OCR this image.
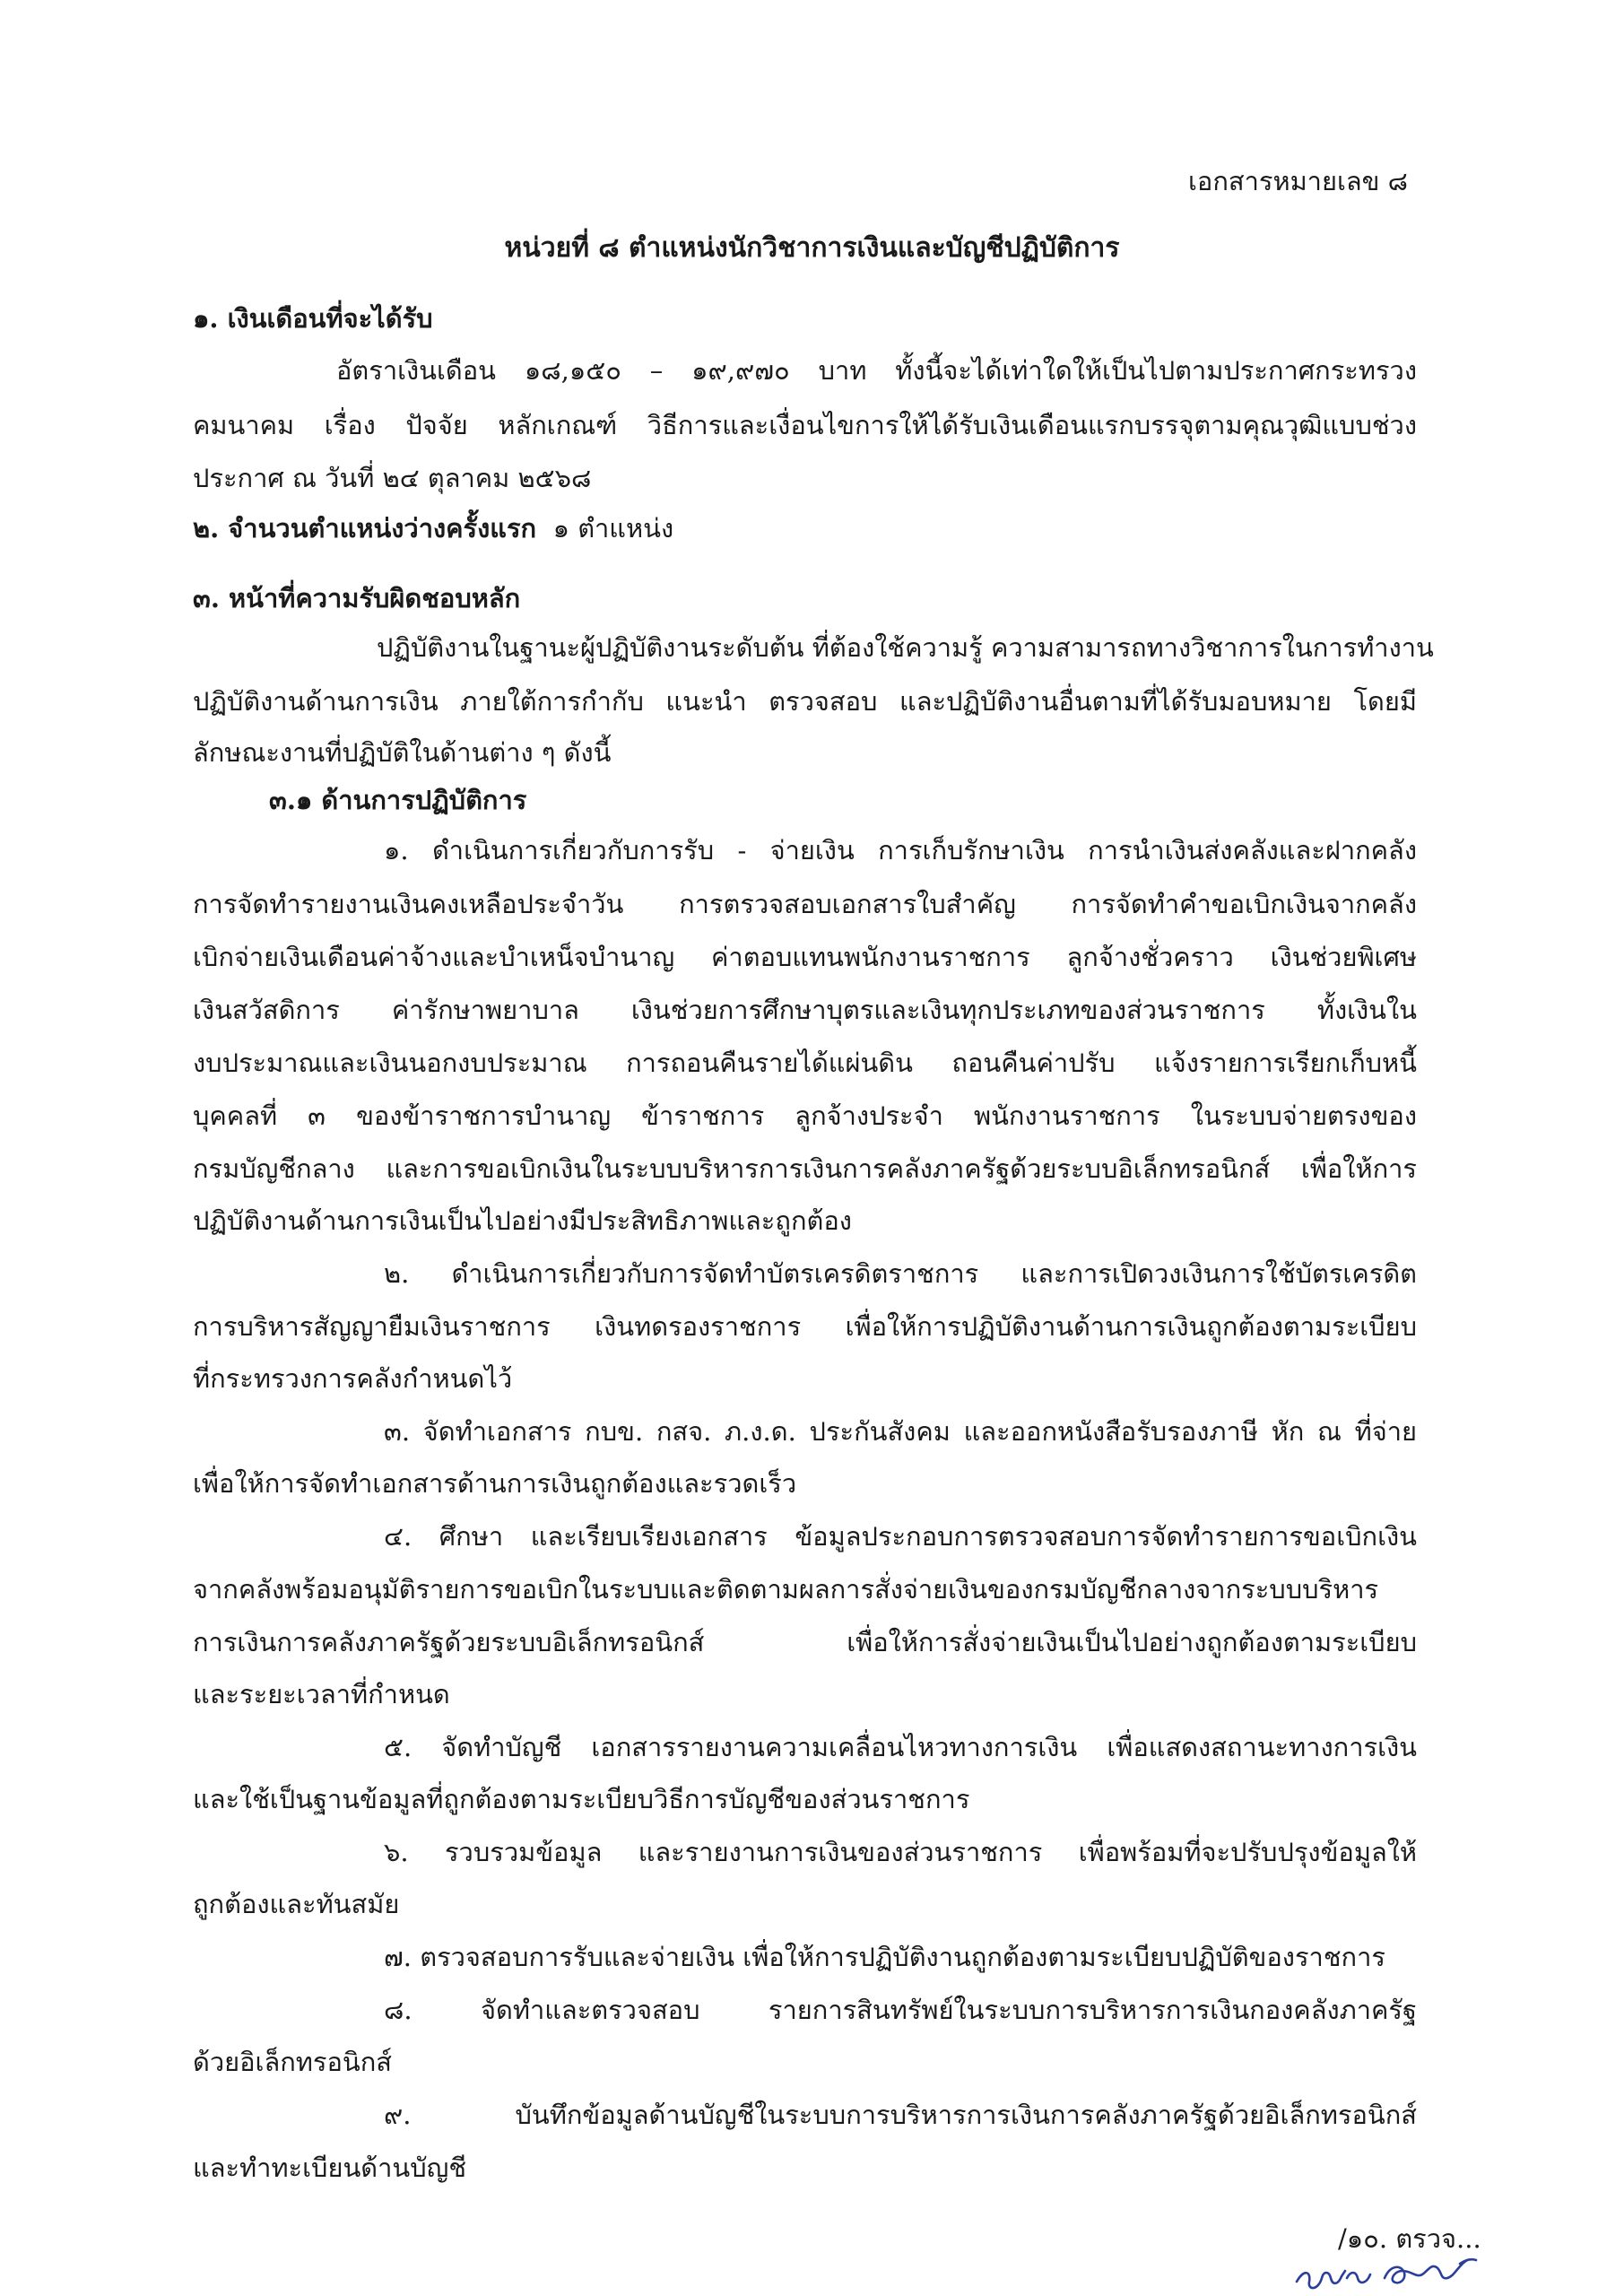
เอกสารหมายเลข ๘
หน่วยที่ ๘ ตำแหน่งนักวิชาการเงินและบัญชีปฏิบัติการ
๑. เงินเดือนที่จะได้รับ
อัตราเงินเดือน ๑๘,๑๕๐ – ๑๙,๙๗๐ บาท ทั้งนี้จะได้เท่าใดให้เป็นไปตามประกาศกระทรวง
คมนาคม เรื่อง ปัจจัย หลักเกณฑ์ วิธีการและเงื่อนไขการให้ได้รับเงินเดือนแรกบรรจุตามคุณวุฒิแบบช่วง
ประกาศ ณ วันที่ ๒๔ ตุลาคม ๒๕๖๘
๒. จำนวนตำแหน่งว่างครั้งแรก ๑ ตำแหน่ง
๓. หน้าที่ความรับผิดชอบหลัก
ปฏิบัติงานในฐานะผู้ปฏิบัติงานระดับต้น ที่ต้องใช้ความรู้ ความสามารถทางวิชาการในการทำงาน
ปฏิบัติงานด้านการเงิน ภายใต้การกำกับ แนะนำ ตรวจสอบ และปฏิบัติงานอื่นตามที่ได้รับมอบหมาย โดยมี
ลักษณะงานที่ปฏิบัติในด้านต่าง ๆ ดังนี้
๓.๑ ด้านการปฏิบัติการ
๑. ดำเนินการเกี่ยวกับการรับ - จ่ายเงิน การเก็บรักษาเงิน การนำเงินส่งคลังและฝากคลัง
การจัดทำรายงานเงินคงเหลือประจำวัน การตรวจสอบเอกสารใบสำคัญ การจัดทำคำขอเบิกเงินจากคลัง
เบิกจ่ายเงินเดือนค่าจ้างและบำเหน็จบำนาญ ค่าตอบแทนพนักงานราชการ ลูกจ้างชั่วคราว เงินช่วยพิเศษ
เงินสวัสดิการ ค่ารักษาพยาบาล เงินช่วยการศึกษาบุตรและเงินทุกประเภทของส่วนราชการ ทั้งเงินใน
งบประมาณและเงินนอกงบประมาณ การถอนคืนรายได้แผ่นดิน ถอนคืนค่าปรับ แจ้งรายการเรียกเก็บหนี้
บุคคลที่ ๓ ของข้าราชการบำนาญ ข้าราชการ ลูกจ้างประจำ พนักงานราชการ ในระบบจ่ายตรงของ
กรมบัญชีกลาง และการขอเบิกเงินในระบบบริหารการเงินการคลังภาครัฐด้วยระบบอิเล็กทรอนิกส์ เพื่อให้การ
ปฏิบัติงานด้านการเงินเป็นไปอย่างมีประสิทธิภาพและถูกต้อง
๒. ดำเนินการเกี่ยวกับการจัดทำบัตรเครดิตราชการ และการเปิดวงเงินการใช้บัตรเครดิต
การบริหารสัญญายืมเงินราชการ เงินทดรองราชการ เพื่อให้การปฏิบัติงานด้านการเงินถูกต้องตามระเบียบ
ที่กระทรวงการคลังกำหนดไว้
๓. จัดทำเอกสาร กบข. กสจ. ภ.ง.ด. ประกันสังคม และออกหนังสือรับรองภาษี หัก ณ ที่จ่าย
เพื่อให้การจัดทำเอกสารด้านการเงินถูกต้องและรวดเร็ว
๔. ศึกษา และเรียบเรียงเอกสาร ข้อมูลประกอบการตรวจสอบการจัดทำรายการขอเบิกเงิน
จากคลังพร้อมอนุมัติรายการขอเบิกในระบบและติดตามผลการสั่งจ่ายเงินของกรมบัญชีกลางจากระบบบริหาร
การเงินการคลังภาครัฐด้วยระบบอิเล็กทรอนิกส์ เพื่อให้การสั่งจ่ายเงินเป็นไปอย่างถูกต้องตามระเบียบ
และระยะเวลาที่กำหนด
๕. จัดทำบัญชี เอกสารรายงานความเคลื่อนไหวทางการเงิน เพื่อแสดงสถานะทางการเงิน
และใช้เป็นฐานข้อมูลที่ถูกต้องตามระเบียบวิธีการบัญชีของส่วนราชการ
๖. รวบรวมข้อมูล และรายงานการเงินของส่วนราชการ เพื่อพร้อมที่จะปรับปรุงข้อมูลให้
ถูกต้องและทันสมัย
๗. ตรวจสอบการรับและจ่ายเงิน เพื่อให้การปฏิบัติงานถูกต้องตามระเบียบปฏิบัติของราชการ
๘. จัดทำและตรวจสอบ รายการสินทรัพย์ในระบบการบริหารการเงินกองคลังภาครัฐ
ด้วยอิเล็กทรอนิกส์
๙. บันทึกข้อมูลด้านบัญชีในระบบการบริหารการเงินการคลังภาครัฐด้วยอิเล็กทรอนิกส์
และทำทะเบียนด้านบัญชี
/๑๐. ตรวจ...
